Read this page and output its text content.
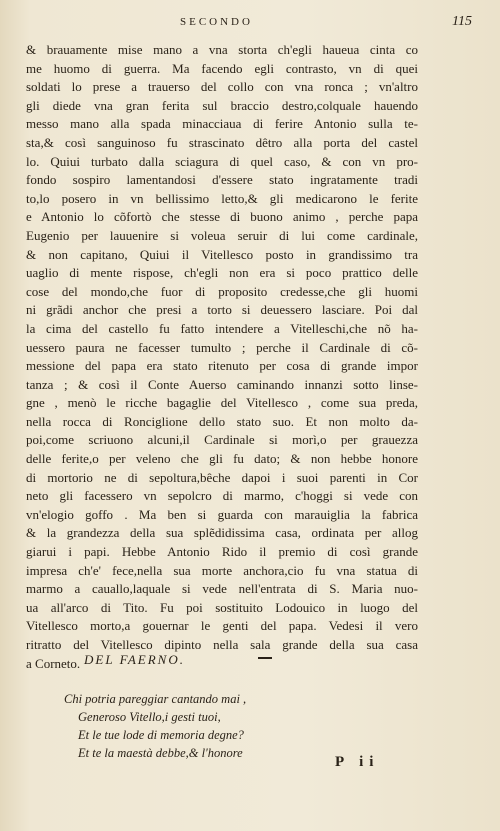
SECONDO	115
& brauamente mise mano a vna storta ch'egli haueua cinta co
me huomo di guerra. Ma facendo egli contrasto, vn di quei
soldati lo prese a trauerso del collo con vna ronca ; vn'altro
gli diede vna gran ferita sul braccio destro,colquale hauendo
messo mano alla spada minacciaua di ferire Antonio sulla te-
sta,& così sanguinoso fu strascinato dêtro alla porta del castel
lo. Quiui turbato dalla sciagura di quel caso, & con vn pro-
fondo sospiro lamentandosi d'essere stato ingratamente tradi
to,lo posero in vn bellissimo letto,& gli medicarono le ferite
e Antonio lo cõfortò che stesse di buono animo , perche papa
Eugenio per lauuenire si voleua seruir di lui come cardinale,
& non capitano, Quiui il Vitellesco posto in grandissimo tra
uaglio di mente rispose, ch'egli non era si poco prattico delle
cose del mondo,che fuor di proposito credesse,che gli huomi
ni grãdi anchor che presi a torto si deuessero lasciare. Poi dal
la cima del castello fu fatto intendere a Vitelleschi,che nõ ha-
uessero paura ne facesser tumulto ; perche il Cardinale di cõ-
messione del papa era stato ritenuto per cosa di grande impor
tanza ; & così il Conte Auerso caminando innanzi sotto linse-
gne , menò le ricche bagaglie del Vitellesco , come sua preda,
nella rocca di Ronciglione dello stato suo. Et non molto da-
poi,come scriuono alcuni,il Cardinale si morì,o per grauezza
delle ferite,o per veleno che gli fu dato; & non hebbe honore
di mortorio ne di sepoltura,bêche dapoi i suoi parenti in Cor
neto gli facessero vn sepolcro di marmo, c'hoggi si vede con
vn'elogio goffo . Ma ben si guarda con marauiglia la fabrica
& la grandezza della sua splẽdidissima casa, ordinata per allog
giarui i papi. Hebbe Antonio Rido il premio di così grande
impresa ch'e' fece,nella sua morte anchora,cio fu vna statua di
marmo a cauallo,laquale si vede nell'entrata di S. Maria nuo-
ua all'arco di Tito. Fu poi sostituito Lodouico in luogo del
Vitellesco morto,a gouernar le genti del papa. Vedesi il vero
ritratto del Vitellesco dipinto nella sala grande della sua casa
a Corneto. DEL FAERNO.
Chi potria pareggiar cantando mai ,
Generoso Vitello,i gesti tuoi,
Et le tue lode di memoria degne?
Et te la maestà debbe,& l'honore
P ii
